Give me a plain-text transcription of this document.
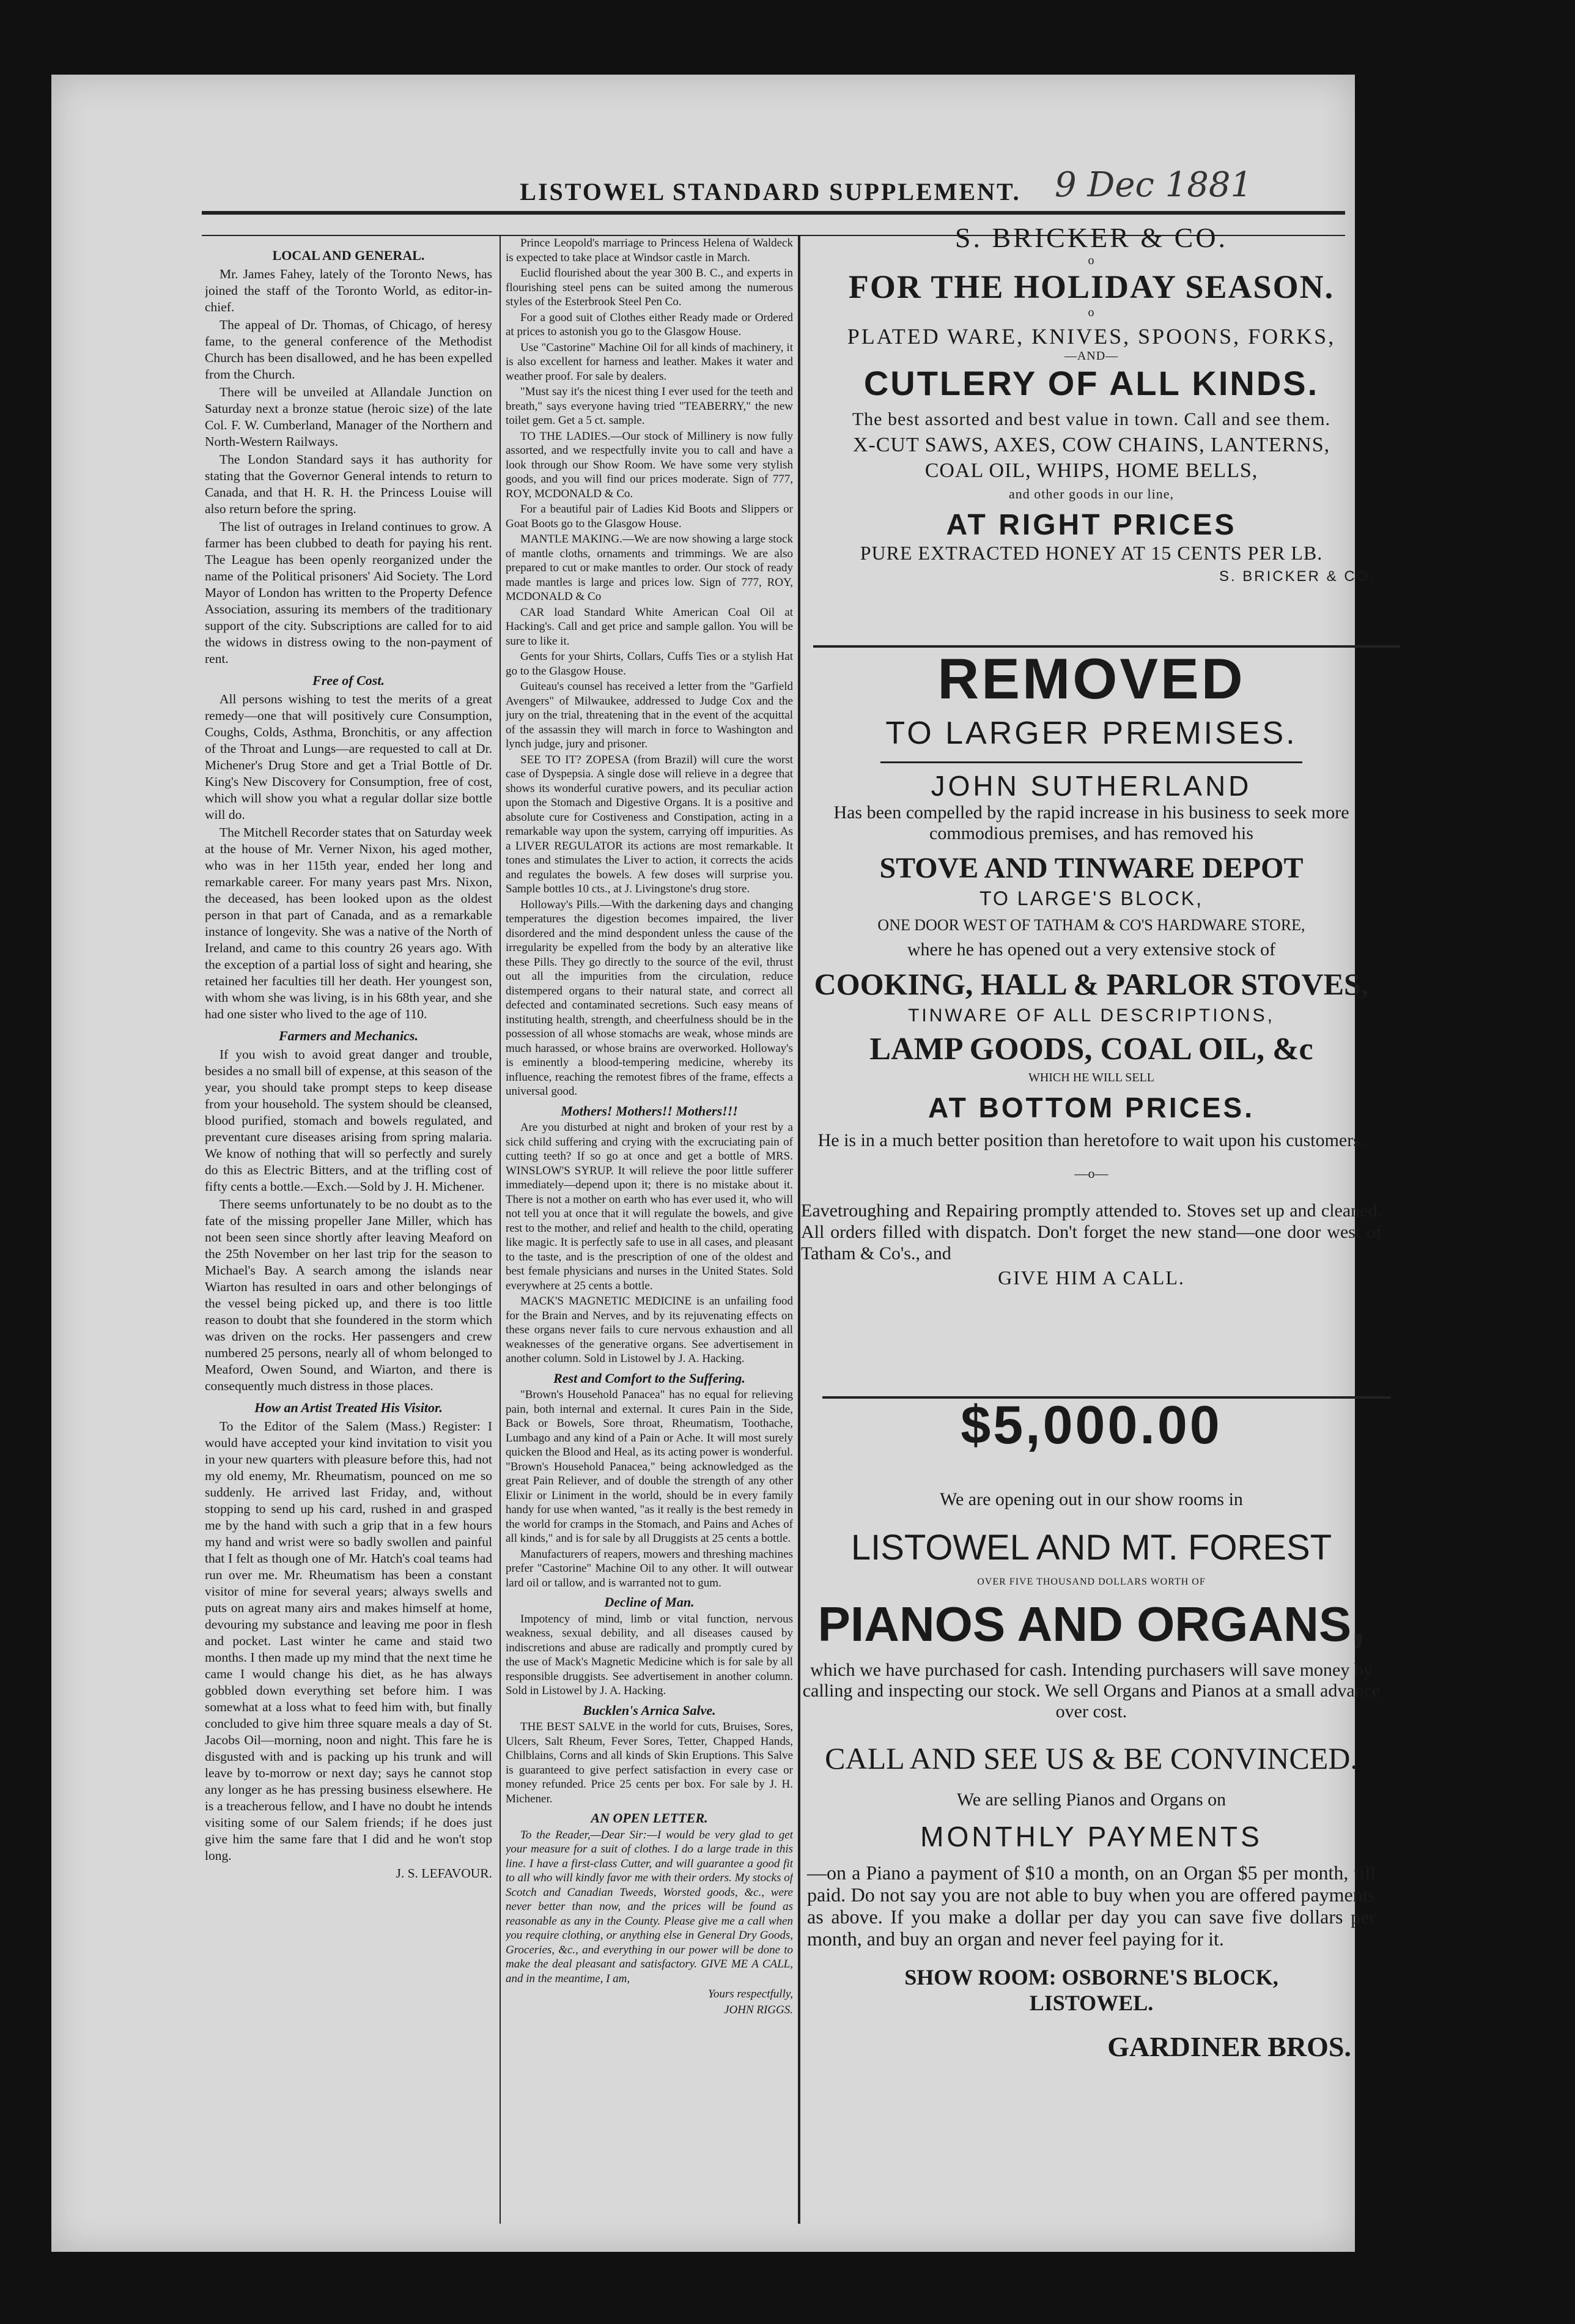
LISTOWEL STANDARD SUPPLEMENT. 9 Dec 1881
LOCAL AND GENERAL.

Mr. James Fahey, lately of the Toronto News, has joined the staff of the Toronto World, as editor-in-chief.

The appeal of Dr. Thomas, of Chicago, of heresy fame, to the general conference of the Methodist Church has been disallowed, and he has been expelled from the Church.

There will be unveiled at Allandale Junction on Saturday next a bronze statue (heroic size) of the late Col. F. W. Cumberland, Manager of the Northern and North-Western Railways.

The London Standard says it has authority for stating that the Governor General intends to return to Canada, and that H. R. H. the Princess Louise will also return before the spring.

The list of outrages in Ireland continues to grow. A farmer has been clubbed to death for paying his rent. The League has been openly reorganized under the name of the Political prisoners' Aid Society. The Lord Mayor of London has written to the Property Defence Association, assuring its members of the traditionary support of the city. Subscriptions are called for to aid the widows in distress owing to the non-payment of rent.

Free of Cost.

All persons wishing to test the merits of a great remedy—one that will positively cure Consumption, Coughs, Colds, Asthma, Bronchitis, or any affection of the Throat and Lungs—are requested to call at Dr. Michener's Drug Store and get a Trial Bottle of Dr. King's New Discovery for Consumption, free of cost, which will show you what a regular dollar size bottle will do.

The Mitchell Recorder states that on Saturday week at the house of Mr. Verner Nixon, his aged mother, who was in her 115th year, ended her long and remarkable career. For many years past Mrs. Nixon, the deceased, has been looked upon as the oldest person in that part of Canada, and as a remarkable instance of longevity. She was a native of the North of Ireland, and came to this country 26 years ago. With the exception of a partial loss of sight and hearing, she retained her faculties till her death. Her youngest son, with whom she was living, is in his 68th year, and she had one sister who lived to the age of 110.

Farmers and Mechanics.

If you wish to avoid great danger and trouble, besides a no small bill of expense, at this season of the year, you should take prompt steps to keep disease from your household. The system should be cleansed, blood purified, stomach and bowels regulated, and preventant cure diseases arising from spring malaria. We know of nothing that will so perfectly and surely do this as Electric Bitters, and at the trifling cost of fifty cents a bottle.—Exch.—Sold by J. H. Michener.

There seems unfortunately to be no doubt as to the fate of the missing propeller Jane Miller, which has not been seen since shortly after leaving Meaford on the 25th November on her last trip for the season to Michael's Bay. A search among the islands near Wiarton has resulted in oars and other belongings of the vessel being picked up, and there is too little reason to doubt that she foundered in the storm which was driven on the rocks. Her passengers and crew numbered 25 persons, nearly all of whom belonged to Meaford, Owen Sound, and Wiarton, and there is consequently much distress in those places.

How an Artist Treated His Visitor.

To the Editor of the Salem (Mass.) Register: I would have accepted your kind invitation to visit you in your new quarters with pleasure before this, had not my old enemy, Mr. Rheumatism, pounced on me so suddenly. He arrived last Friday, and, without stopping to send up his card, rushed in and grasped me by the hand with such a grip that in a few hours my hand and wrist were so badly swollen and painful that I felt as though one of Mr. Hatch's coal teams had run over me. Mr. Rheumatism has been a constant visitor of mine for several years; always swells and puts on agreat many airs and makes himself at home, devouring my substance and leaving me poor in flesh and pocket. Last winter he came and staid two months. I then made up my mind that the next time he came I would change his diet, as he has always gobbled down everything set before him. I was somewhat at a loss what to feed him with, but finally concluded to give him three square meals a day of St. Jacobs Oil—morning, noon and night. This fare he is disgusted with and is packing up his trunk and will leave by to-morrow or next day; says he cannot stop any longer as he has pressing business elsewhere. He is a treacherous fellow, and I have no doubt he intends visiting some of our Salem friends; if he does just give him the same fare that I did and he won't stop long.

J. S. LEFAVOUR.

Prince Leopold's marriage to Princess Helena of Waldeck is expected to take place at Windsor castle in March.

Euclid flourished about the year 300 B. C., and experts in flourishing steel pens can be suited among the numerous styles of the Esterbrook Steel Pen Co.

For a good suit of Clothes either Ready made or Ordered at prices to astonish you go to the Glasgow House.

Use "Castorine" Machine Oil for all kinds of machinery, it is also excellent for harness and leather. Makes it water and weather proof. For sale by dealers.

"Must say it's the nicest thing I ever used for the teeth and breath," says everyone having tried "TEABERRY," the new toilet gem. Get a 5 ct. sample.

TO THE LADIES.—Our stock of Millinery is now fully assorted, and we respectfully invite you to call and have a look through our Show Room. We have some very stylish goods, and you will find our prices moderate. Sign of 777, ROY, MCDONALD & Co.

For a beautiful pair of Ladies Kid Boots and Slippers or Goat Boots go to the Glasgow House.

MANTLE MAKING.—We are now showing a large stock of mantle cloths, ornaments and trimmings. We are also prepared to cut or make mantles to order. Our stock of ready made mantles is large and prices low. Sign of 777, ROY, MCDONALD & Co

CAR load Standard White American Coal Oil at Hacking's. Call and get price and sample gallon. You will be sure to like it.

Gents for your Shirts, Collars, Cuffs Ties or a stylish Hat go to the Glasgow House.

Guiteau's counsel has received a letter from the "Garfield Avengers" of Milwaukee, addressed to Judge Cox and the jury on the trial, threatening that in the event of the acquittal of the assassin they will march in force to Washington and lynch judge, jury and prisoner.

SEE TO IT? ZOPESA (from Brazil) will cure the worst case of Dyspepsia. A single dose will relieve in a degree that shows its wonderful curative powers, and its peculiar action upon the Stomach and Digestive Organs. It is a positive and absolute cure for Costiveness and Constipation, acting in a remarkable way upon the system, carrying off impurities. As a LIVER REGULATOR its actions are most remarkable. It tones and stimulates the Liver to action, it corrects the acids and regulates the bowels. A few doses will surprise you. Sample bottles 10 cts., at J. Livingstone's drug store.

Holloway's Pills.—With the darkening days and changing temperatures the digestion becomes impaired, the liver disordered and the mind despondent unless the cause of the irregularity be expelled from the body by an alterative like these Pills. They go directly to the source of the evil, thrust out all the impurities from the circulation, reduce distempered organs to their natural state, and correct all defected and contaminated secretions. Such easy means of instituting health, strength, and cheerfulness should be in the possession of all whose stomachs are weak, whose minds are much harassed, or whose brains are overworked. Holloway's is eminently a blood-tempering medicine, whereby its influence, reaching the remotest fibres of the frame, effects a universal good.

Mothers! Mothers!! Mothers!!!

Are you disturbed at night and broken of your rest by a sick child suffering and crying with the excruciating pain of cutting teeth? If so go at once and get a bottle of MRS. WINSLOW'S SYRUP. It will relieve the poor little sufferer immediately—depend upon it; there is no mistake about it. There is not a mother on earth who has ever used it, who will not tell you at once that it will regulate the bowels, and give rest to the mother, and relief and health to the child, operating like magic. It is perfectly safe to use in all cases, and pleasant to the taste, and is the prescription of one of the oldest and best female physicians and nurses in the United States. Sold everywhere at 25 cents a bottle.

MACK'S MAGNETIC MEDICINE is an unfailing food for the Brain and Nerves, and by its rejuvenating effects on these organs never fails to cure nervous exhaustion and all weaknesses of the generative organs. See advertisement in another column. Sold in Listowel by J. A. Hacking.

Rest and Comfort to the Suffering.

"Brown's Household Panacea" has no equal for relieving pain, both internal and external. It cures Pain in the Side, Back or Bowels, Sore throat, Rheumatism, Toothache, Lumbago and any kind of a Pain or Ache. It will most surely quicken the Blood and Heal, as its acting power is wonderful. "Brown's Household Panacea," being acknowledged as the great Pain Reliever, and of double the strength of any other Elixir or Liniment in the world, should be in every family handy for use when wanted, "as it really is the best remedy in the world for cramps in the Stomach, and Pains and Aches of all kinds," and is for sale by all Druggists at 25 cents a bottle.

Manufacturers of reapers, mowers and threshing machines prefer "Castorine" Machine Oil to any other. It will outwear lard oil or tallow, and is warranted not to gum.

Decline of Man.

Impotency of mind, limb or vital function, nervous weakness, sexual debility, and all diseases caused by indiscretions and abuse are radically and promptly cured by the use of Mack's Magnetic Medicine which is for sale by all responsible druggists. See advertisement in another column. Sold in Listowel by J. A. Hacking.

Bucklen's Arnica Salve.

THE BEST SALVE in the world for cuts, Bruises, Sores, Ulcers, Salt Rheum, Fever Sores, Tetter, Chapped Hands, Chilblains, Corns and all kinds of Skin Eruptions. This Salve is guaranteed to give perfect satisfaction in every case or money refunded. Price 25 cents per box. For sale by J. H. Michener.

AN OPEN LETTER.

To the Reader,—Dear Sir:—I would be very glad to get your measure for a suit of clothes. I do a large trade in this line. I have a first-class Cutter, and will guarantee a good fit to all who will kindly favor me with their orders. My stocks of Scotch and Canadian Tweeds, Worsted goods, &c., were never better than now, and the prices will be found as reasonable as any in the County. Please give me a call when you require clothing, or anything else in General Dry Goods, Groceries, &c., and everything in our power will be done to make the deal pleasant and satisfactory. GIVE ME A CALL, and in the meantime, I am,

Yours respectfully,

JOHN RIGGS.

S. BRICKER & CO.
o
FOR THE HOLIDAY SEASON.
o
PLATED WARE, KNIVES, SPOONS, FORKS,
—AND—
CUTLERY OF ALL KINDS.
The best assorted and best value in town. Call and see them.
X-CUT SAWS, AXES, COW CHAINS, LANTERNS,
COAL OIL, WHIPS, HOME BELLS,
and other goods in our line,
AT RIGHT PRICES
PURE EXTRACTED HONEY AT 15 CENTS PER LB.
S. BRICKER & CO.
REMOVED
TO LARGER PREMISES.
JOHN SUTHERLAND
Has been compelled by the rapid increase in his business to seek more commodious premises, and has removed his
STOVE AND TINWARE DEPOT
TO LARGE'S BLOCK,
ONE DOOR WEST OF TATHAM & CO'S HARDWARE STORE,
where he has opened out a very extensive stock of
COOKING, HALL & PARLOR STOVES,
TINWARE OF ALL DESCRIPTIONS,
LAMP GOODS, COAL OIL, &c
WHICH HE WILL SELL
AT BOTTOM PRICES.
He is in a much better position than heretofore to wait upon his customers.
—o—
Eavetroughing and Repairing promptly attended to. Stoves set up and cleaned. All orders filled with dispatch. Don't forget the new stand—one door west of Tatham & Co's., and
GIVE HIM A CALL.
$5,000.00
We are opening out in our show rooms in
LISTOWEL AND MT. FOREST
OVER FIVE THOUSAND DOLLARS WORTH OF
PIANOS AND ORGANS,
which we have purchased for cash. Intending purchasers will save money by calling and inspecting our stock. We sell Organs and Pianos at a small advance over cost.
CALL AND SEE US & BE CONVINCED.
We are selling Pianos and Organs on
MONTHLY PAYMENTS
—on a Piano a payment of $10 a month, on an Organ $5 per month, till paid. Do not say you are not able to buy when you are offered payments as above. If you make a dollar per day you can save five dollars per month, and buy an organ and never feel paying for it.
SHOW ROOM: OSBORNE'S BLOCK,
LISTOWEL.
GARDINER BROS.
